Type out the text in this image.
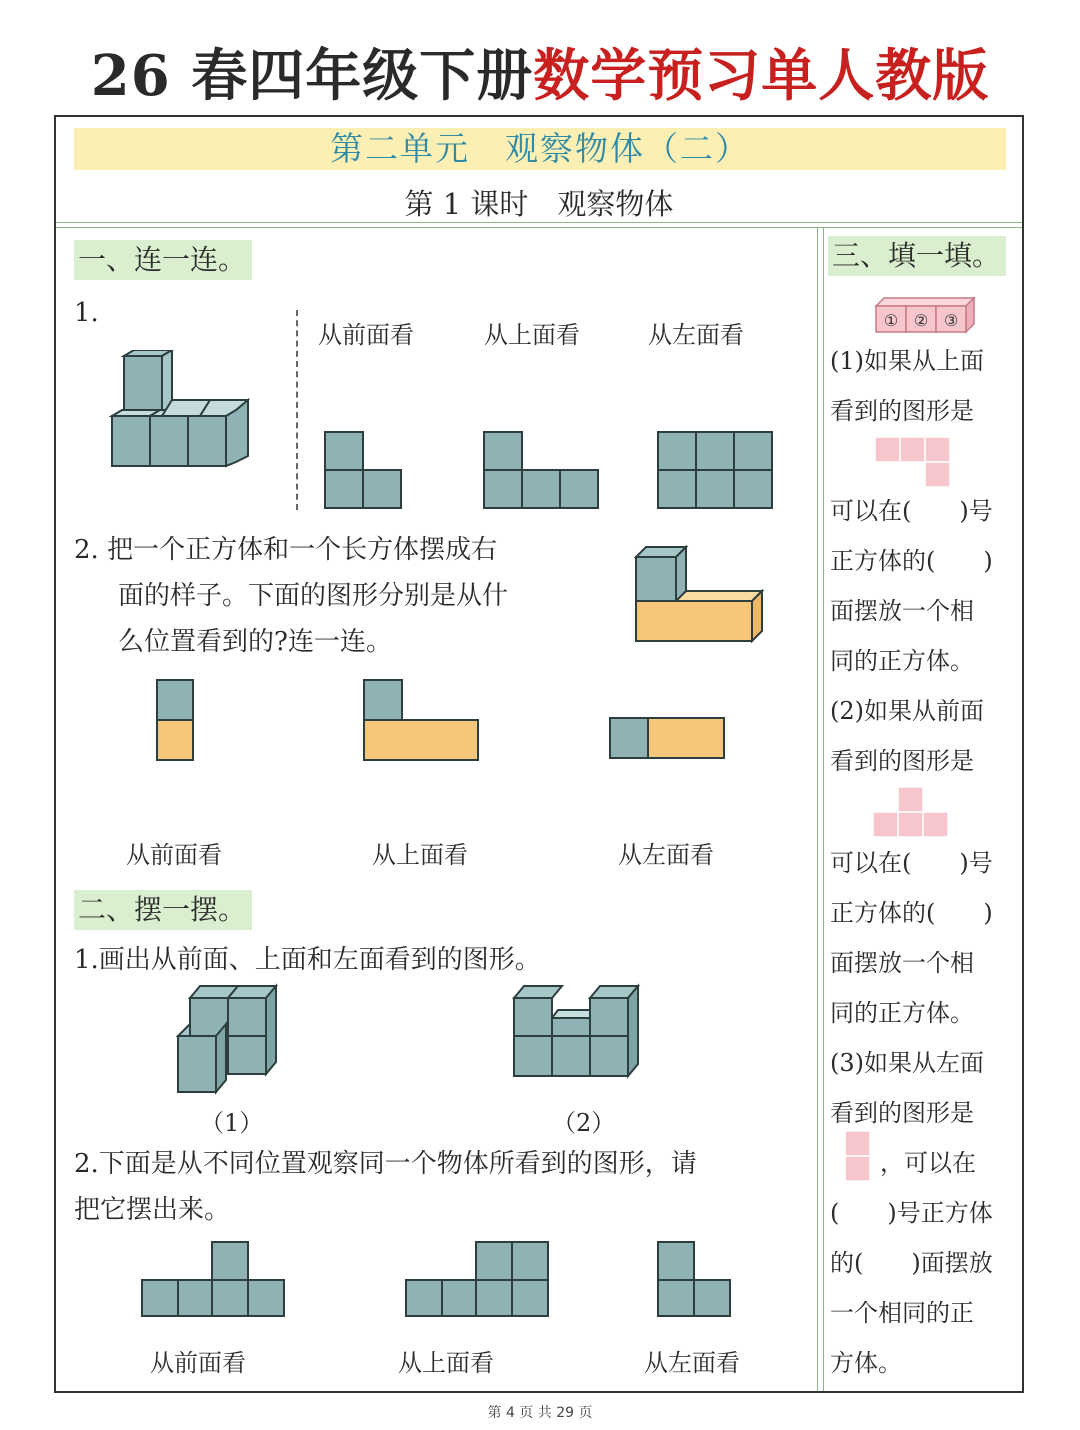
26 春四年级下册数学预习单人教版
第二单元　观察物体（二）
第 1 课时　观察物体
一、连一连。
1.
从前面看	从上面看	从左面看
2. 把一个正方体和一个长方体摆成右
面的样子。下面的图形分别是从什
么位置看到的?连一连。
从前面看	从上面看	从左面看
二、摆一摆。
1.画出从前面、上面和左面看到的图形。
（1）	（2）
2.下面是从不同位置观察同一个物体所看到的图形，请
把它摆出来。
从前面看	从上面看	从左面看
三、填一填。
① ② ③
(1)如果从上面
看到的图形是
可以在(　　)号
正方体的(　　)
面摆放一个相
同的正方体。
(2)如果从前面
看到的图形是
可以在(　　)号
正方体的(　　)
面摆放一个相
同的正方体。
(3)如果从左面
看到的图形是
，可以在
(　　)号正方体
的(　　)面摆放
一个相同的正
方体。
第 4 页 共 29 页
